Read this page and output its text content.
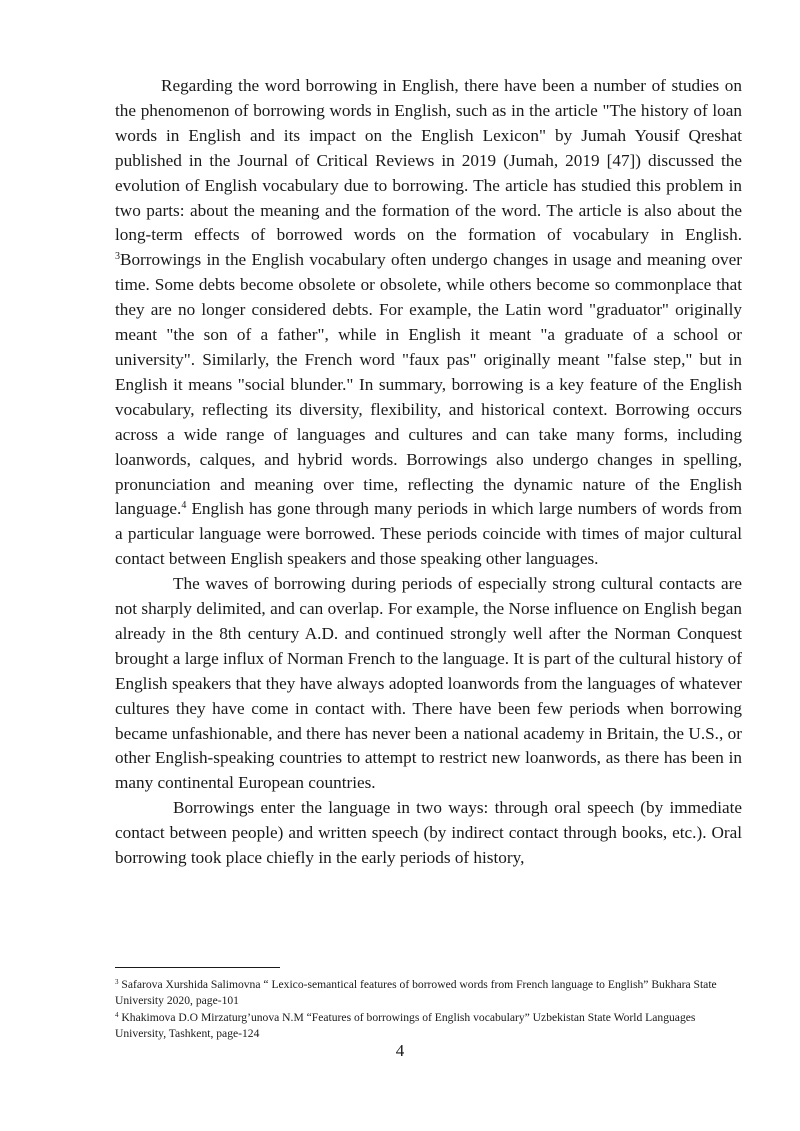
Regarding the word borrowing in English, there have been a number of studies on the phenomenon of borrowing words in English, such as in the article "The history of loan words in English and its impact on the English Lexicon" by Jumah Yousif Qreshat published in the Journal of Critical Reviews in 2019 (Jumah, 2019 [47]) discussed the evolution of English vocabulary due to borrowing. The article has studied this problem in two parts: about the meaning and the formation of the word. The article is also about the long-term effects of borrowed words on the formation of vocabulary in English. $^3$Borrowings in the English vocabulary often undergo changes in usage and meaning over time. Some debts become obsolete or obsolete, while others become so commonplace that they are no longer considered debts. For example, the Latin word "graduator" originally meant "the son of a father", while in English it meant "a graduate of a school or university". Similarly, the French word "faux pas" originally meant "false step," but in English it means "social blunder." In summary, borrowing is a key feature of the English vocabulary, reflecting its diversity, flexibility, and historical context. Borrowing occurs across a wide range of languages and cultures and can take many forms, including loanwords, calques, and hybrid words. Borrowings also undergo changes in spelling, pronunciation and meaning over time, reflecting the dynamic nature of the English language.$^4$ English has gone through many periods in which large numbers of words from a particular language were borrowed. These periods coincide with times of major cultural contact between English speakers and those speaking other languages.

The waves of borrowing during periods of especially strong cultural contacts are not sharply delimited, and can overlap. For example, the Norse influence on English began already in the 8th century A.D. and continued strongly well after the Norman Conquest brought a large influx of Norman French to the language. It is part of the cultural history of English speakers that they have always adopted loanwords from the languages of whatever cultures they have come in contact with. There have been few periods when borrowing became unfashionable, and there has never been a national academy in Britain, the U.S., or other English-speaking countries to attempt to restrict new loanwords, as there has been in many continental European countries.

Borrowings enter the language in two ways: through oral speech (by immediate contact between people) and written speech (by indirect contact through books, etc.). Oral borrowing took place chiefly in the early periods of history,

$^3$ Safarova Xurshida Salimovna “ Lexico-semantical features of borrowed words from French language to English” Bukhara State University 2020, page-101

$^4$ Khakimova D.O Mirzaturg’unova N.M “Features of borrowings of English vocabulary” Uzbekistan State World Languages University, Tashkent, page-124

4
